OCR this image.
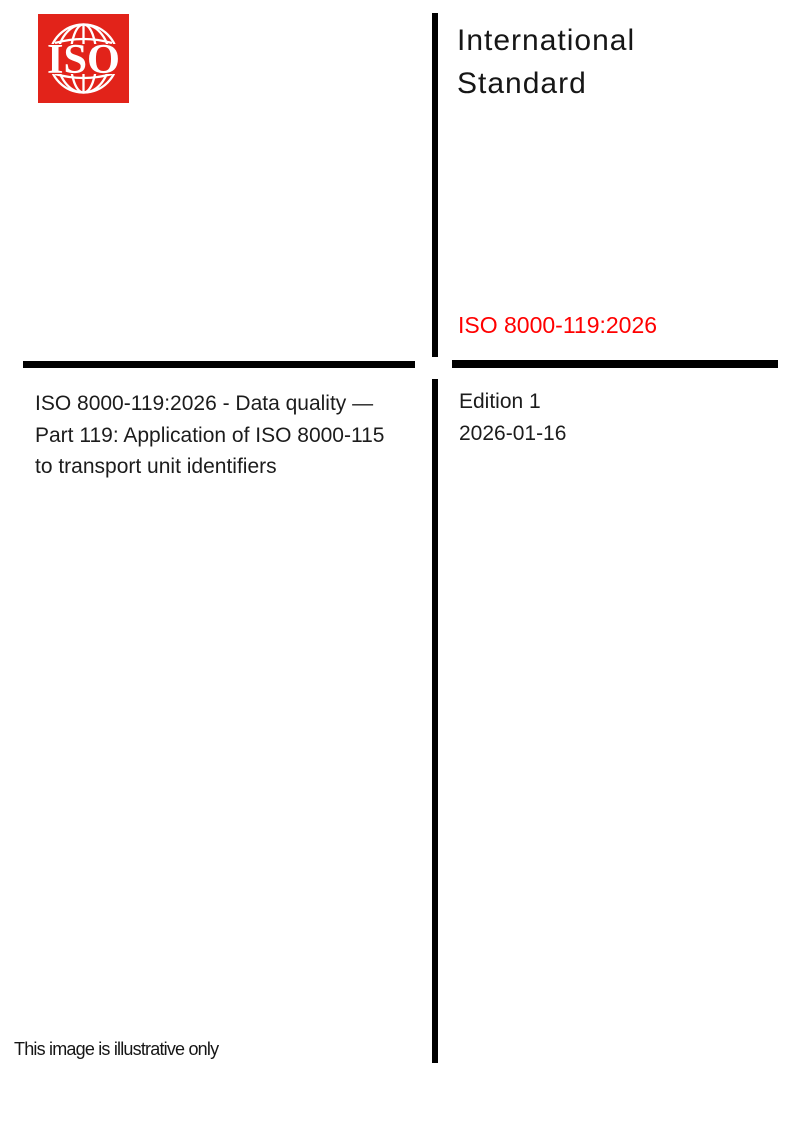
ISO	International Standard
ISO 8000-119:2026
ISO 8000-119:2026 - Data quality —
Part 119: Application of ISO 8000-115
to transport unit identifiers
Edition 1
2026-01-16
This image is illustrative only
